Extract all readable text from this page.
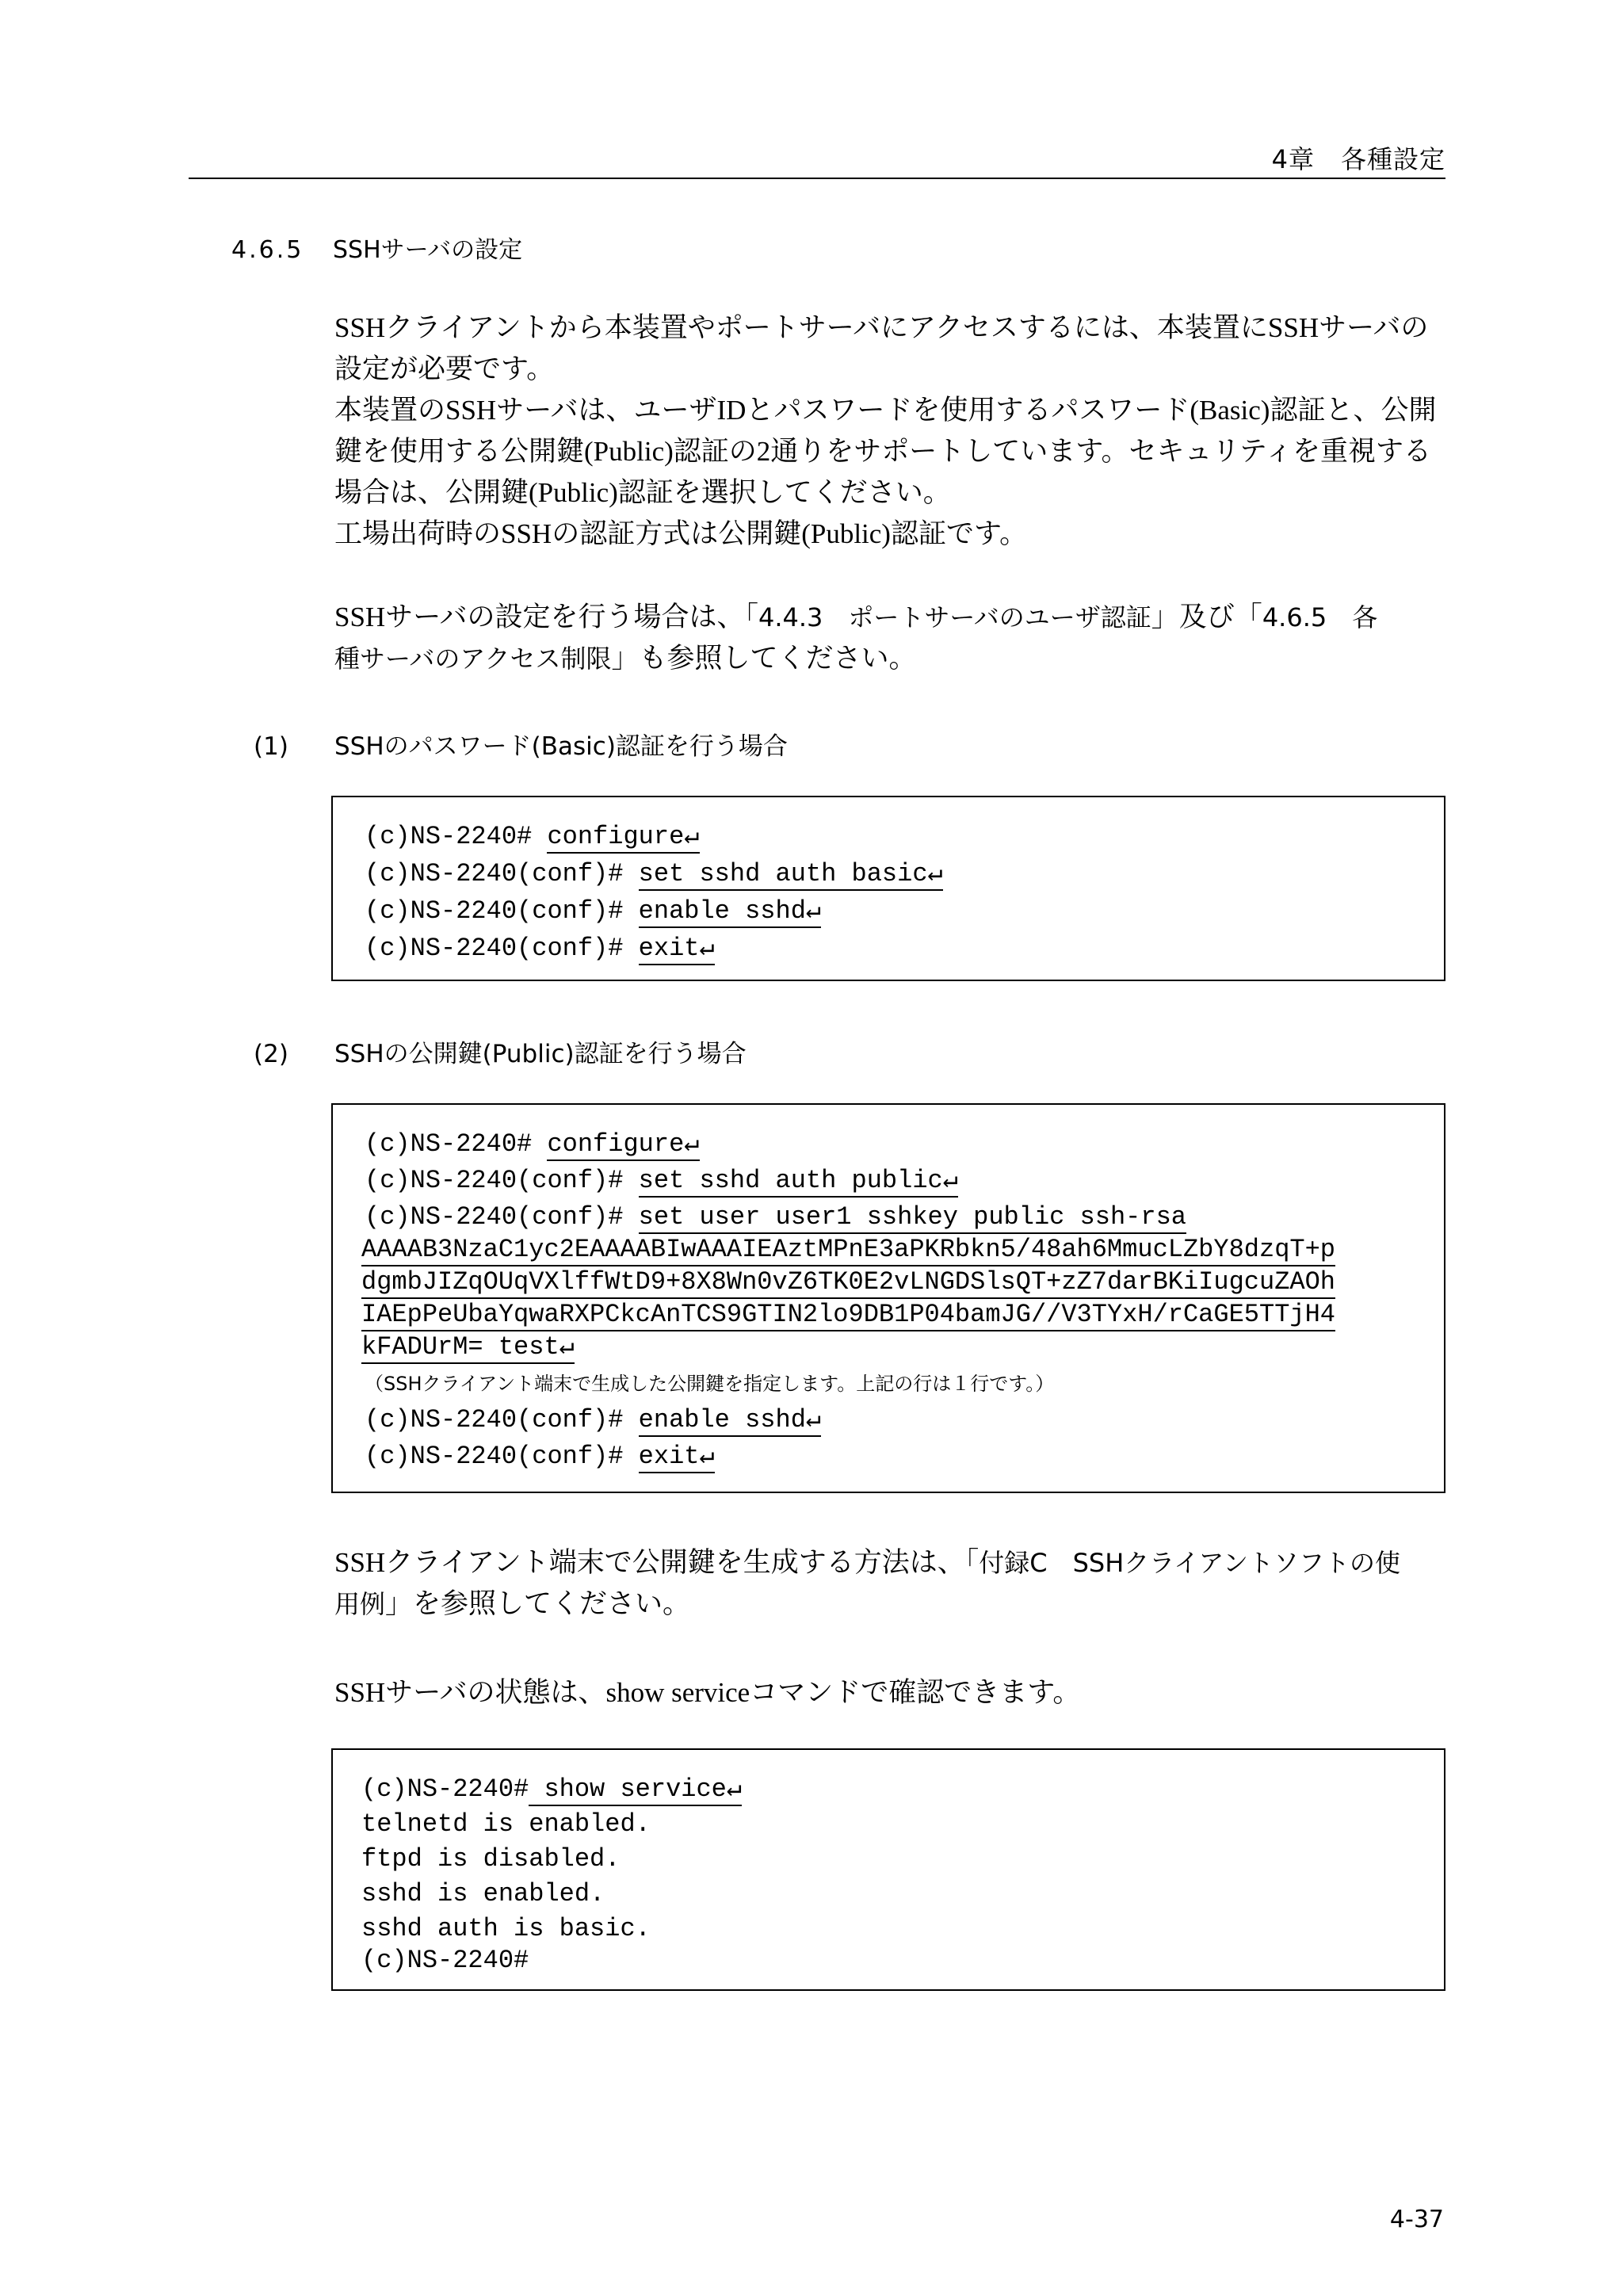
4章　各種設定
4.6.5 SSHサーバの設定
SSHクライアントから本装置やポートサーバにアクセスするには、本装置にSSHサーバの
設定が必要です。
本装置のSSHサーバは、ユーザIDとパスワードを使用するパスワード(Basic)認証と、公開
鍵を使用する公開鍵(Public)認証の2通りをサポートしています。セキュリティを重視する
場合は、公開鍵(Public)認証を選択してください。
工場出荷時のSSHの認証方式は公開鍵(Public)認証です。
SSHサーバの設定を行う場合は、「4.4.3　ポートサーバのユーザ認証」及び「4.6.5　各
種サーバのアクセス制限」も参照してください。
(1) SSHのパスワード(Basic)認証を行う場合
(c)NS-2240# configure↵
(c)NS-2240(conf)# set sshd auth basic↵
(c)NS-2240(conf)# enable sshd↵
(c)NS-2240(conf)# exit↵
(2) SSHの公開鍵(Public)認証を行う場合
(c)NS-2240# configure↵
(c)NS-2240(conf)# set sshd auth public↵
(c)NS-2240(conf)# set user user1 sshkey public ssh-rsa
AAAAB3NzaC1yc2EAAAABIwAAAIEAztMPnE3aPKRbkn5/48ah6MmucLZbY8dzqT+p
dgmbJIZqOUqVXlffWtD9+8X8Wn0vZ6TK0E2vLNGDSlsQT+zZ7darBKiIugcuZAOh
IAEpPeUbaYqwaRXPCkcAnTCS9GTIN2lo9DB1P04bamJG//V3TYxH/rCaGE5TTjH4
kFADUrM= test↵
（SSHクライアント端末で生成した公開鍵を指定します。上記の行は１行です。）
(c)NS-2240(conf)# enable sshd↵
(c)NS-2240(conf)# exit↵
SSHクライアント端末で公開鍵を生成する方法は、「付録C　SSHクライアントソフトの使
用例」を参照してください。
SSHサーバの状態は、show serviceコマンドで確認できます。
(c)NS-2240# show service↵
telnetd is enabled.
ftpd is disabled.
sshd is enabled.
sshd auth is basic.
(c)NS-2240#
4-37
